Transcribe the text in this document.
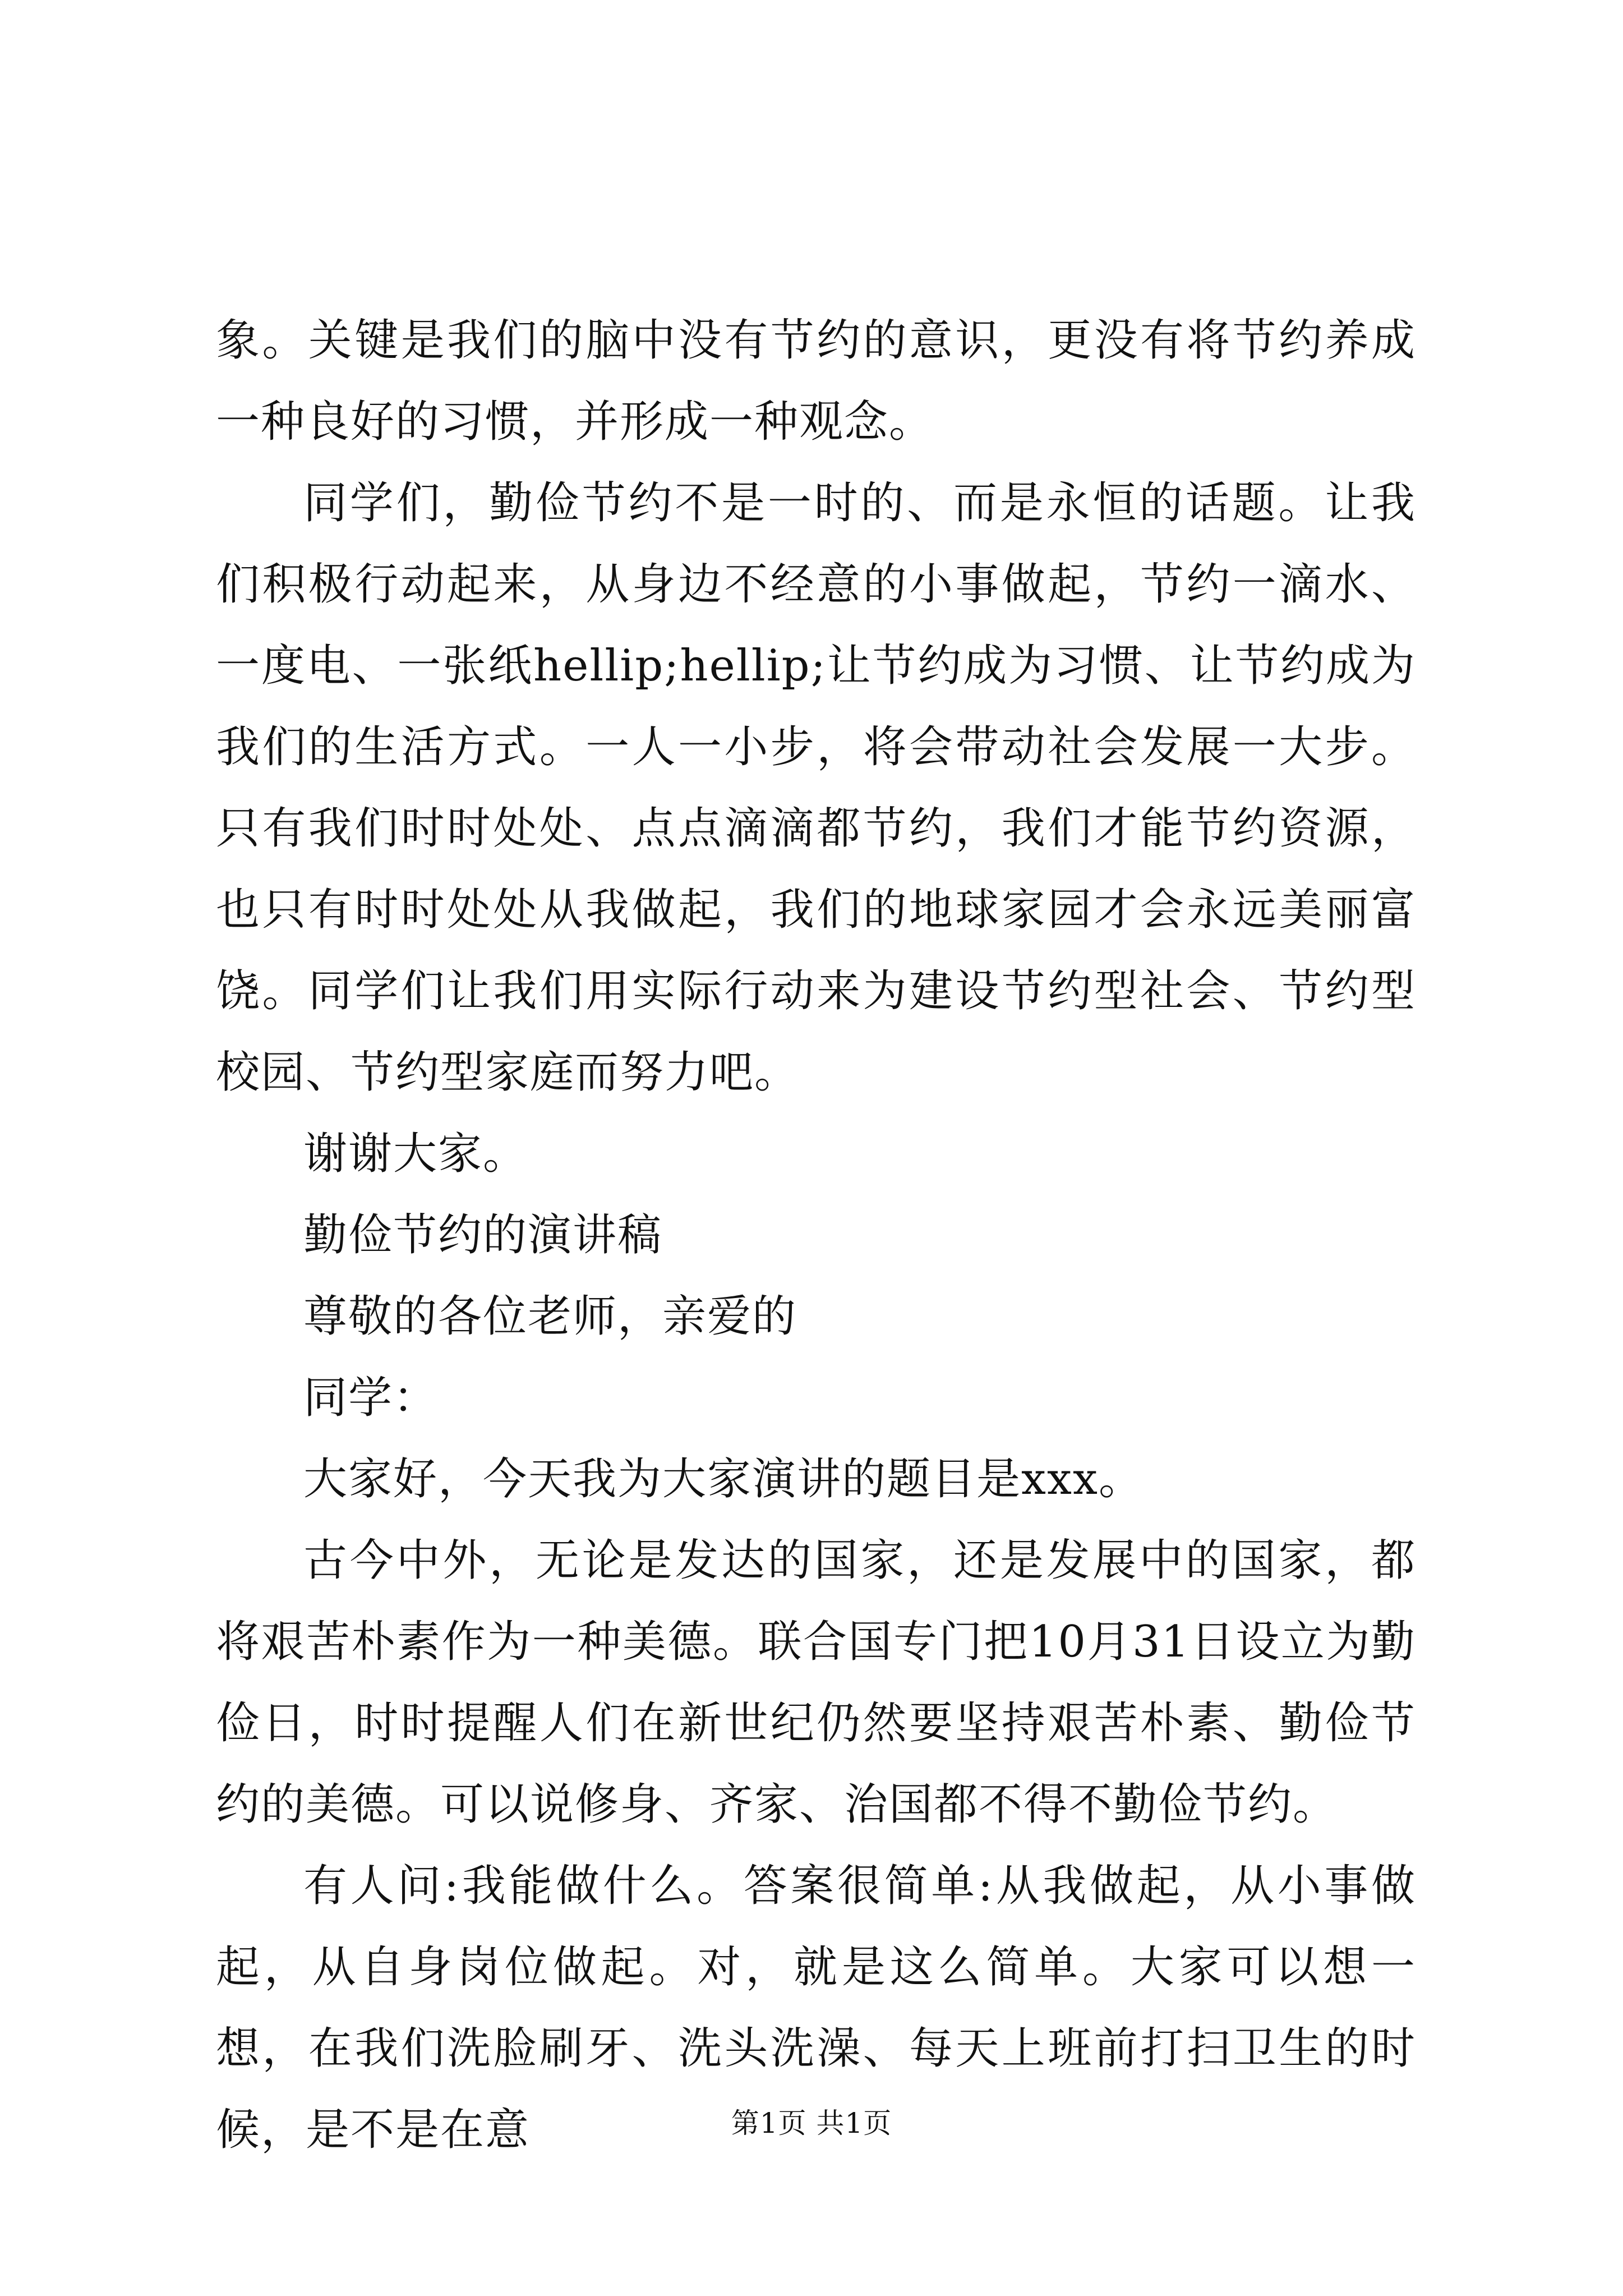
象。关键是我们的脑中没有节约的意识，更没有将节约养成一种良好的习惯，并形成一种观念。

同学们，勤俭节约不是一时的、而是永恒的话题。让我们积极行动起来，从身边不经意的小事做起，节约一滴水、一度电、一张纸hellip;hellip;让节约成为习惯、让节约成为我们的生活方式。一人一小步，将会带动社会发展一大步。只有我们时时处处、点点滴滴都节约，我们才能节约资源，也只有时时处处从我做起，我们的地球家园才会永远美丽富饶。同学们让我们用实际行动来为建设节约型社会、节约型校园、节约型家庭而努力吧。

谢谢大家。

勤俭节约的演讲稿

尊敬的各位老师，亲爱的

同学：

大家好，今天我为大家演讲的题目是xxx。

古今中外，无论是发达的国家，还是发展中的国家，都将艰苦朴素作为一种美德。联合国专门把10月31日设立为勤俭日，时时提醒人们在新世纪仍然要坚持艰苦朴素、勤俭节约的美德。可以说修身、齐家、治国都不得不勤俭节约。

有人问:我能做什么。答案很简单:从我做起，从小事做起，从自身岗位做起。对，就是这么简单。大家可以想一想，在我们洗脸刷牙、洗头洗澡、每天上班前打扫卫生的时候，是不是在意	第1页 共1页
